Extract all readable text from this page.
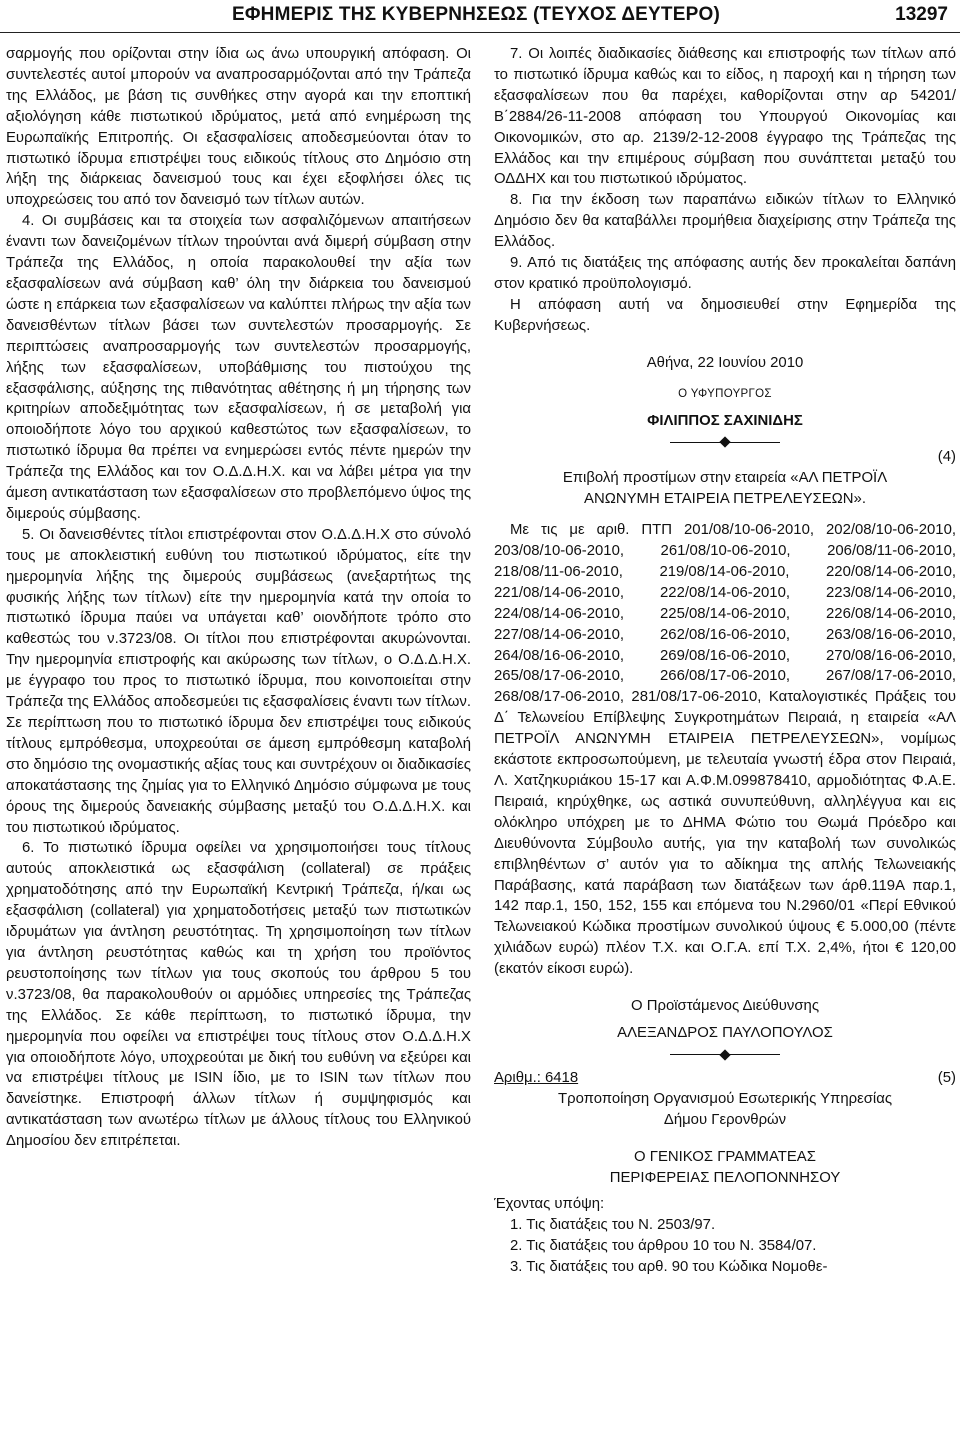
ΕΦΗΜΕΡΙΣ ΤΗΣ ΚΥΒΕΡΝΗΣΕΩΣ (ΤΕΥΧΟΣ ΔΕΥΤΕΡΟ)	13297

σαρμογής που ορίζονται στην ίδια ως άνω υπουργική απόφαση. Οι συντελεστές αυτοί μπορούν να αναπροσαρμόζονται από την Τράπεζα της Ελλάδος, με βάση τις συνθήκες στην αγορά και την εποπτική αξιολόγηση κάθε πιστωτικού ιδρύματος, μετά από ενημέρωση της Ευρωπαϊκής Επιτροπής. Οι εξασφαλίσεις αποδεσμεύονται όταν το πιστωτικό ίδρυμα επιστρέψει τους ειδικούς τίτλους στο Δημόσιο στη λήξη της διάρκειας δανεισμού τους και έχει εξοφλήσει όλες τις υποχρεώσεις του από τον δανεισμό των τίτλων αυτών.

4. Οι συμβάσεις και τα στοιχεία των ασφαλιζόμενων απαιτήσεων έναντι των δανειζομένων τίτλων τηρούνται ανά διμερή σύμβαση στην Τράπεζα της Ελλάδος, η οποία παρακολουθεί την αξία των εξασφαλίσεων ανά σύμβαση καθ’ όλη την διάρκεια του δανεισμού ώστε η επάρκεια των εξασφαλίσεων να καλύπτει πλήρως την αξία των δανεισθέντων τίτλων βάσει των συντελεστών προσαρμογής. Σε περιπτώσεις αναπροσαρμογής των συντελεστών προσαρμογής, λήξης των εξασφαλίσεων, υποβάθμισης του πιστούχου της εξασφάλισης, αύξησης της πιθανότητας αθέτησης ή μη τήρησης των κριτηρίων αποδεξιμότητας των εξασφαλίσεων, ή σε μεταβολή για οποιοδήποτε λόγο του αρχικού καθεστώτος των εξασφαλίσεων, το πιστωτικό ίδρυμα θα πρέπει να ενημερώσει εντός πέντε ημερών την Τράπεζα της Ελλάδος και τον Ο.Δ.Δ.Η.Χ. και να λάβει μέτρα για την άμεση αντικατάσταση των εξασφαλίσεων στο προβλεπόμενο ύψος της διμερούς σύμβασης.

5. Οι δανεισθέντες τίτλοι επιστρέφονται στον Ο.Δ.Δ.Η.Χ στο σύνολό τους με αποκλειστική ευθύνη του πιστωτικού ιδρύματος, είτε την ημερομηνία λήξης της διμερούς συμβάσεως (ανεξαρτήτως της φυσικής λήξης των τίτλων) είτε την ημερομηνία κατά την οποία το πιστωτικό ίδρυμα παύει να υπάγεται καθ’ οιονδήποτε τρόπο στο καθεστώς του ν.3723/08. Οι τίτλοι που επιστρέφονται ακυρώνονται. Την ημερομηνία επιστροφής και ακύρωσης των τίτλων, ο Ο.Δ.Δ.Η.Χ. με έγγραφο του προς το πιστωτικό ίδρυμα, που κοινοποιείται στην Τράπεζα της Ελλάδος αποδεσμεύει τις εξασφαλίσεις έναντι των τίτλων. Σε περίπτωση που το πιστωτικό ίδρυμα δεν επιστρέψει τους ειδικούς τίτλους εμπρόθεσμα, υποχρεούται σε άμεση εμπρόθεσμη καταβολή στο δημόσιο της ονομαστικής αξίας τους και συντρέχουν οι διαδικασίες αποκατάστασης της ζημίας για το Ελληνικό Δημόσιο σύμφωνα με τους όρους της διμερούς δανειακής σύμβασης μεταξύ του Ο.Δ.Δ.Η.Χ. και του πιστωτικού ιδρύματος.

6. Το πιστωτικό ίδρυμα οφείλει να χρησιμοποιήσει τους τίτλους αυτούς αποκλειστικά ως εξασφάλιση (collateral) σε πράξεις χρηματοδότησης από την Ευρωπαϊκή Κεντρική Τράπεζα, ή/και ως εξασφάλιση (collateral) για χρηματοδοτήσεις μεταξύ των πιστωτικών ιδρυμάτων για άντληση ρευστότητας. Τη χρησιμοποίηση των τίτλων για άντληση ρευστότητας καθώς και τη χρήση του προϊόντος ρευστοποίησης των τίτλων για τους σκοπούς του άρθρου 5 του ν.3723/08, θα παρακολουθούν οι αρμόδιες υπηρεσίες της Τράπεζας της Ελλάδος. Σε κάθε περίπτωση, το πιστωτικό ίδρυμα, την ημερομηνία που οφείλει να επιστρέψει τους τίτλους στον Ο.Δ.Δ.Η.Χ για οποιοδήποτε λόγο, υποχρεούται με δική του ευθύνη να εξεύρει και να επιστρέψει τίτλους με ISIN ίδιο, με το ISIN των τίτλων που δανείστηκε. Επιστροφή άλλων τίτλων ή συμψηφισμός και αντικατάσταση των ανωτέρω τίτλων με άλλους τίτλους του Ελληνικού Δημοσίου δεν επιτρέπεται.

7. Οι λοιπές διαδικασίες διάθεσης και επιστροφής των τίτλων από το πιστωτικό ίδρυμα καθώς και το είδος, η παροχή και η τήρηση των εξασφαλίσεων που θα παρέχει, καθορίζονται στην αρ 54201/Β΄2884/26-11-2008 απόφαση του Υπουργού Οικονομίας και Οικονομικών, στο αρ. 2139/2-12-2008 έγγραφο της Τράπεζας της Ελλάδος και την επιμέρους σύμβαση που συνάπτεται μεταξύ του ΟΔΔΗΧ και του πιστωτικού ιδρύματος.

8. Για την έκδοση των παραπάνω ειδικών τίτλων το Ελληνικό Δημόσιο δεν θα καταβάλλει προμήθεια διαχείρισης στην Τράπεζα της Ελλάδος.

9. Από τις διατάξεις της απόφασης αυτής δεν προκαλείται δαπάνη στον κρατικό προϋπολογισμό.

Η απόφαση αυτή να δημοσιευθεί στην Εφημερίδα της Κυβερνήσεως.

Αθήνα, 22 Ιουνίου 2010

Ο ΥΦΥΠΟΥΡΓΟΣ

ΦΙΛΙΠΠΟΣ ΣΑΧΙΝΙΔΗΣ

(4)

Επιβολή προστίμων στην εταιρεία «ΑΛ ΠΕΤΡΟΪΛ

ΑΝΩΝΥΜΗ ΕΤΑΙΡΕΙΑ ΠΕΤΡΕΛΕΥΣΕΩΝ».

Με τις με αριθ. ΠΤΠ 201/08/10-06-2010, 202/08/10-06-2010, 203/08/10-06-2010, 261/08/10-06-2010, 206/08/11-06-2010, 218/08/11-06-2010, 219/08/14-06-2010, 220/08/14-06-2010, 221/08/14-06-2010, 222/08/14-06-2010, 223/08/14-06-2010, 224/08/14-06-2010, 225/08/14-06-2010, 226/08/14-06-2010, 227/08/14-06-2010, 262/08/16-06-2010, 263/08/16-06-2010, 264/08/16-06-2010, 269/08/16-06-2010, 270/08/16-06-2010, 265/08/17-06-2010, 266/08/17-06-2010, 267/08/17-06-2010, 268/08/17-06-2010, 281/08/17-06-2010, Καταλογιστικές Πράξεις του Δ΄ Τελωνείου Επίβλεψης Συγκροτημάτων Πειραιά, η εταιρεία «ΑΛ ΠΕΤΡΟΪΛ ΑΝΩΝΥΜΗ ΕΤΑΙΡΕΙΑ ΠΕΤΡΕΛΕΥΣΕΩΝ», νομίμως εκάστοτε εκπροσωπούμενη, με τελευταία γνωστή έδρα στον Πειραιά, Λ. Χατζηκυριάκου 15-17 και Α.Φ.Μ.099878410, αρμοδιότητας Φ.Α.Ε. Πειραιά, κηρύχθηκε, ως αστικά συνυπεύθυνη, αλληλέγγυα και εις ολόκληρο υπόχρεη με το ΔΗΜΑ Φώτιο του Θωμά Πρόεδρο και Διευθύνοντα Σύμβουλο αυτής, για την καταβολή των συνολικώς επιβληθέντων σ’ αυτόν για το αδίκημα της απλής Τελωνειακής Παράβασης, κατά παράβαση των διατάξεων των άρθ.119Α παρ.1, 142 παρ.1, 150, 152, 155 και επόμενα του Ν.2960/01 «Περί Εθνικού Τελωνειακού Κώδικα προστίμων συνολικού ύψους € 5.000,00 (πέντε χιλιάδων ευρώ) πλέον Τ.Χ. και Ο.Γ.Α. επί Τ.Χ. 2,4%, ήτοι € 120,00 (εκατόν είκοσι ευρώ).

Ο Προϊστάμενος Διεύθυνσης

ΑΛΕΞΑΝΔΡΟΣ ΠΑΥΛΟΠΟΥΛΟΣ

Αριθμ.: 6418	(5)

Τροποποίηση Οργανισμού Εσωτερικής Υπηρεσίας

Δήμου Γερονθρών

Ο ΓΕΝΙΚΟΣ ΓΡΑΜΜΑΤΕΑΣ

ΠΕΡΙΦΕΡΕΙΑΣ ΠΕΛΟΠΟΝΝΗΣΟΥ

Έχοντας υπόψη:

1. Τις διατάξεις του Ν. 2503/97.

2. Τις διατάξεις του άρθρου 10 του Ν. 3584/07.

3. Τις διατάξεις του αρθ. 90 του Κώδικα Νομοθε-
